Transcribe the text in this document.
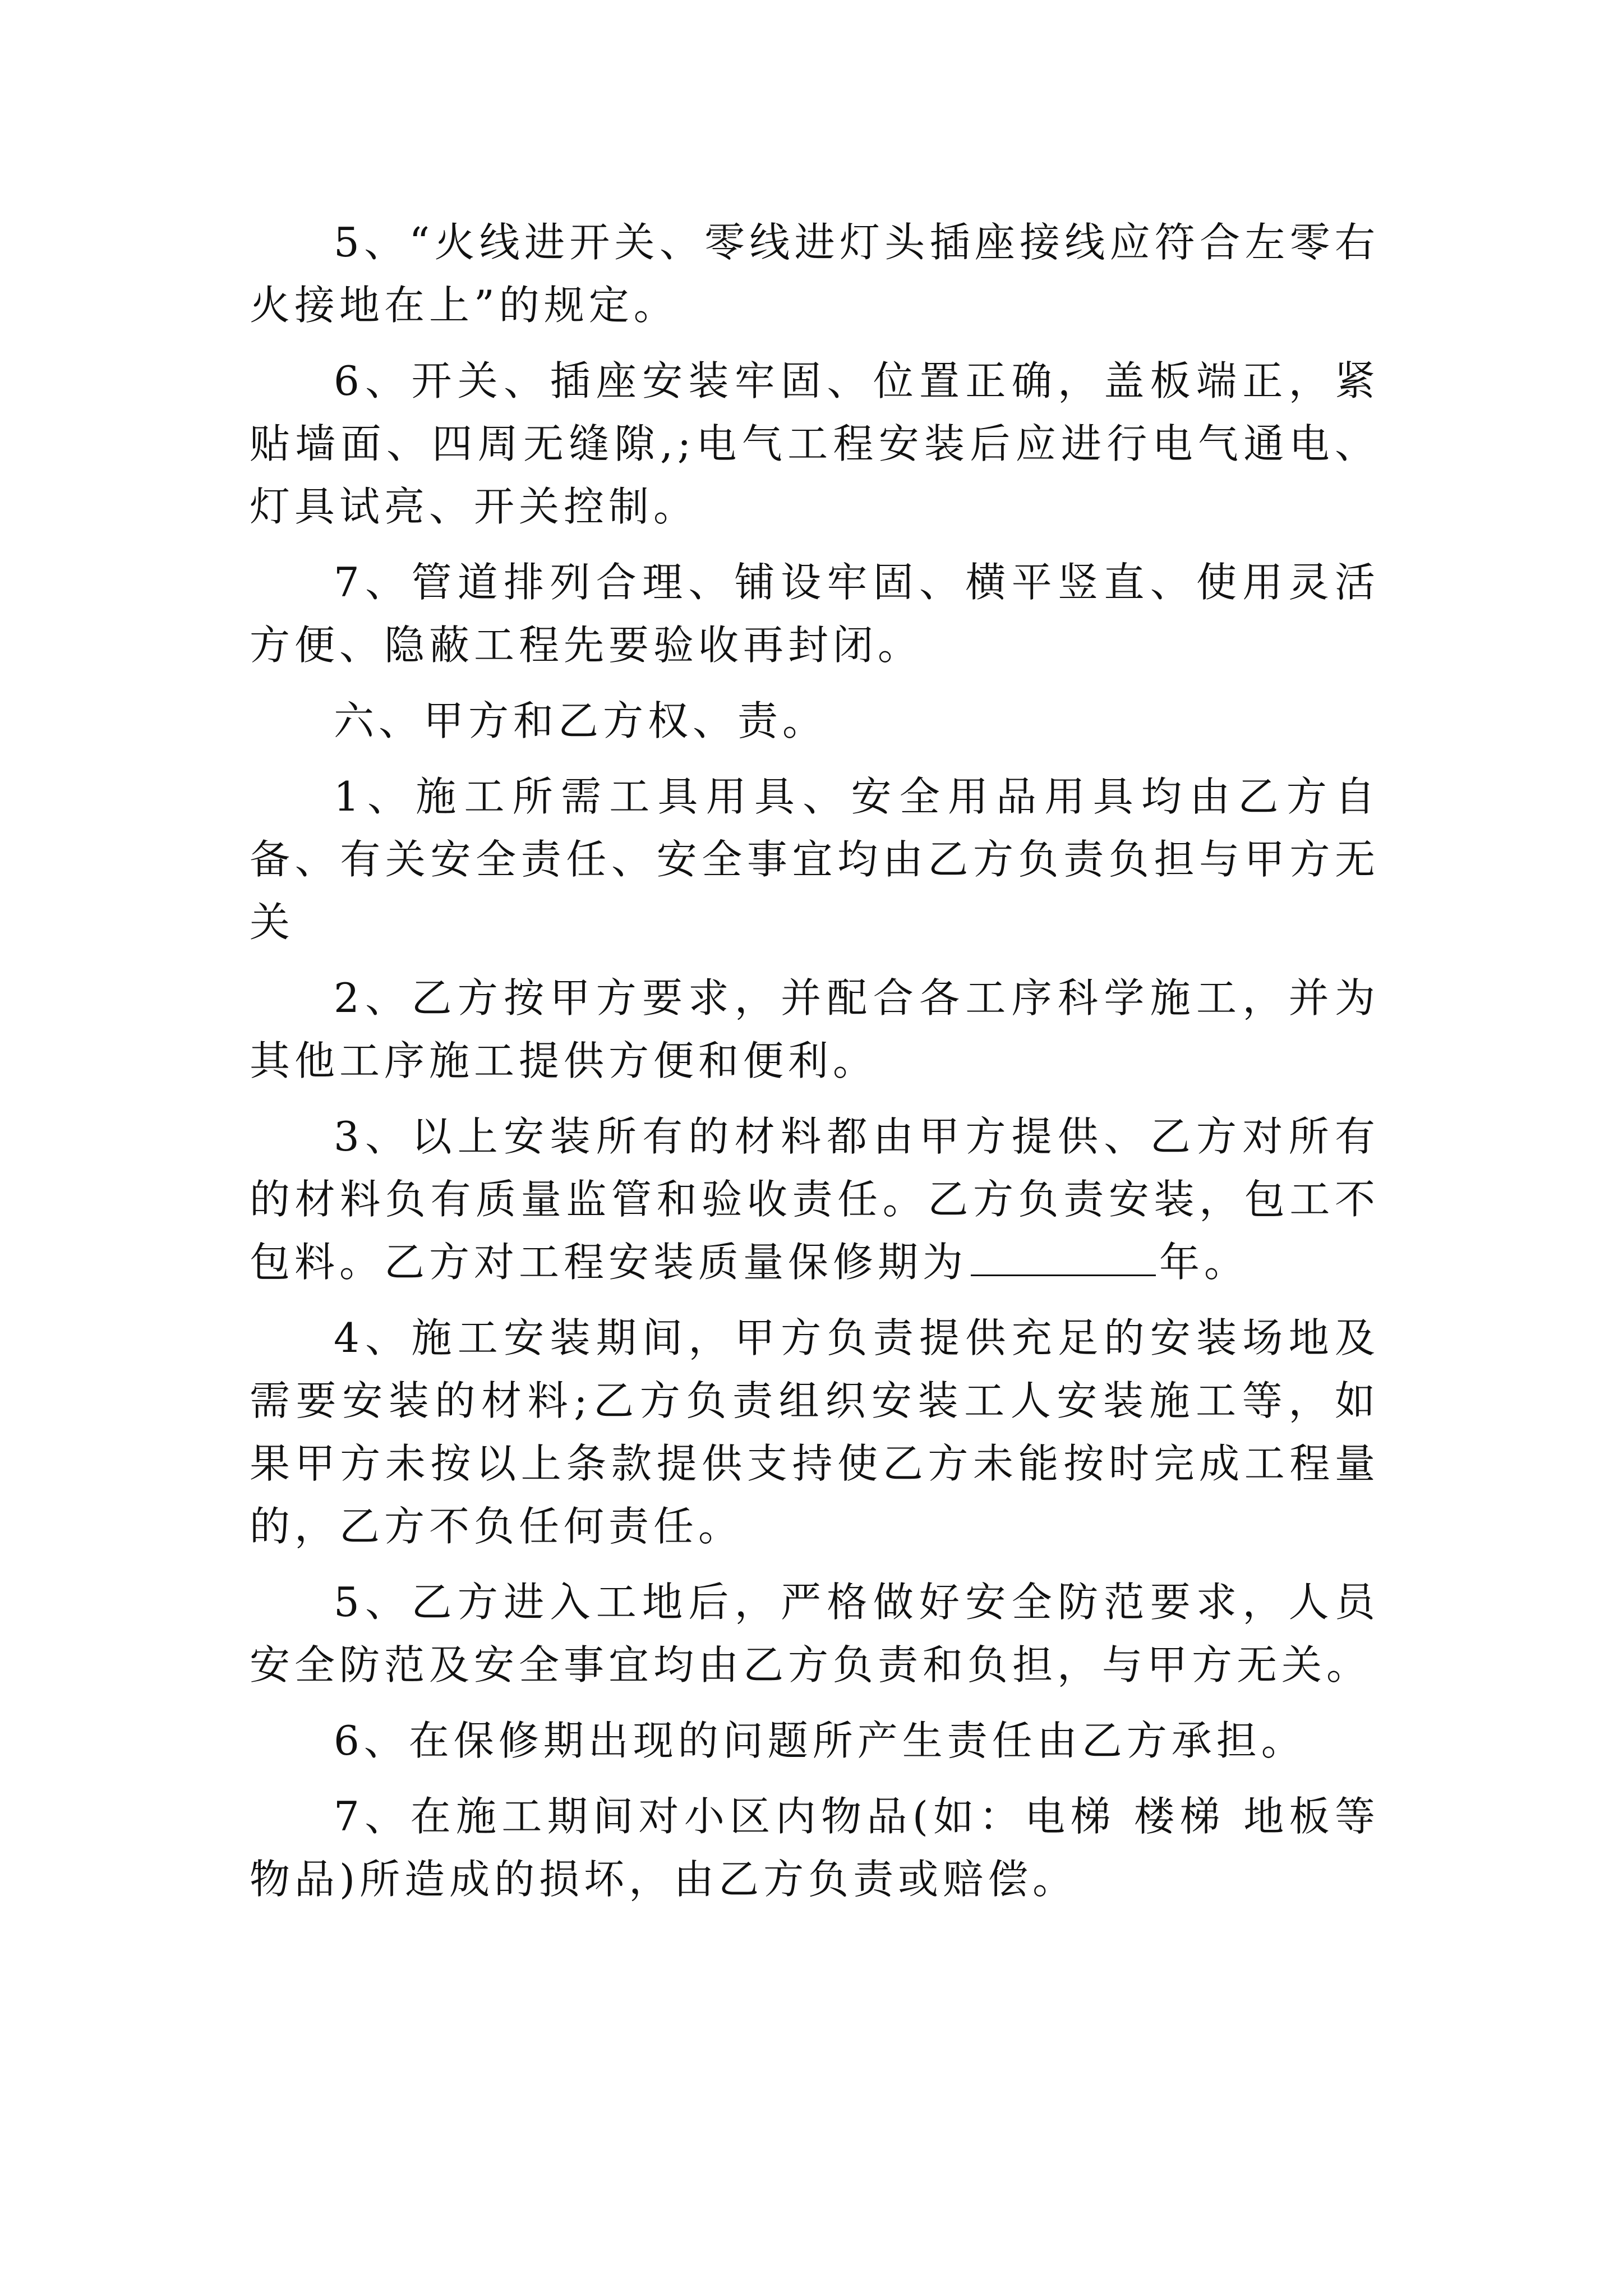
5、“火线进开关、零线进灯头插座接线应符合左零右火接地在上”的规定。

6、开关、插座安装牢固、位置正确，盖板端正，紧贴墙面、四周无缝隙,;电气工程安装后应进行电气通电、灯具试亮、开关控制。

7、管道排列合理、铺设牢固、横平竖直、使用灵活方便、隐蔽工程先要验收再封闭。

六、甲方和乙方权、责。

1、施工所需工具用具、安全用品用具均由乙方自备、有关安全责任、安全事宜均由乙方负责负担与甲方无关

2、乙方按甲方要求，并配合各工序科学施工，并为其他工序施工提供方便和便利。

3、以上安装所有的材料都由甲方提供、乙方对所有的材料负有质量监管和验收责任。乙方负责安装，包工不包料。乙方对工程安装质量保修期为	年。

4、施工安装期间，甲方负责提供充足的安装场地及需要安装的材料;乙方负责组织安装工人安装施工等，如果甲方未按以上条款提供支持使乙方未能按时完成工程量的，乙方不负任何责任。

5、乙方进入工地后，严格做好安全防范要求，人员安全防范及安全事宜均由乙方负责和负担，与甲方无关。

6、在保修期出现的问题所产生责任由乙方承担。

7、在施工期间对小区内物品(如：电梯 楼梯 地板等物品)所造成的损坏，由乙方负责或赔偿。
